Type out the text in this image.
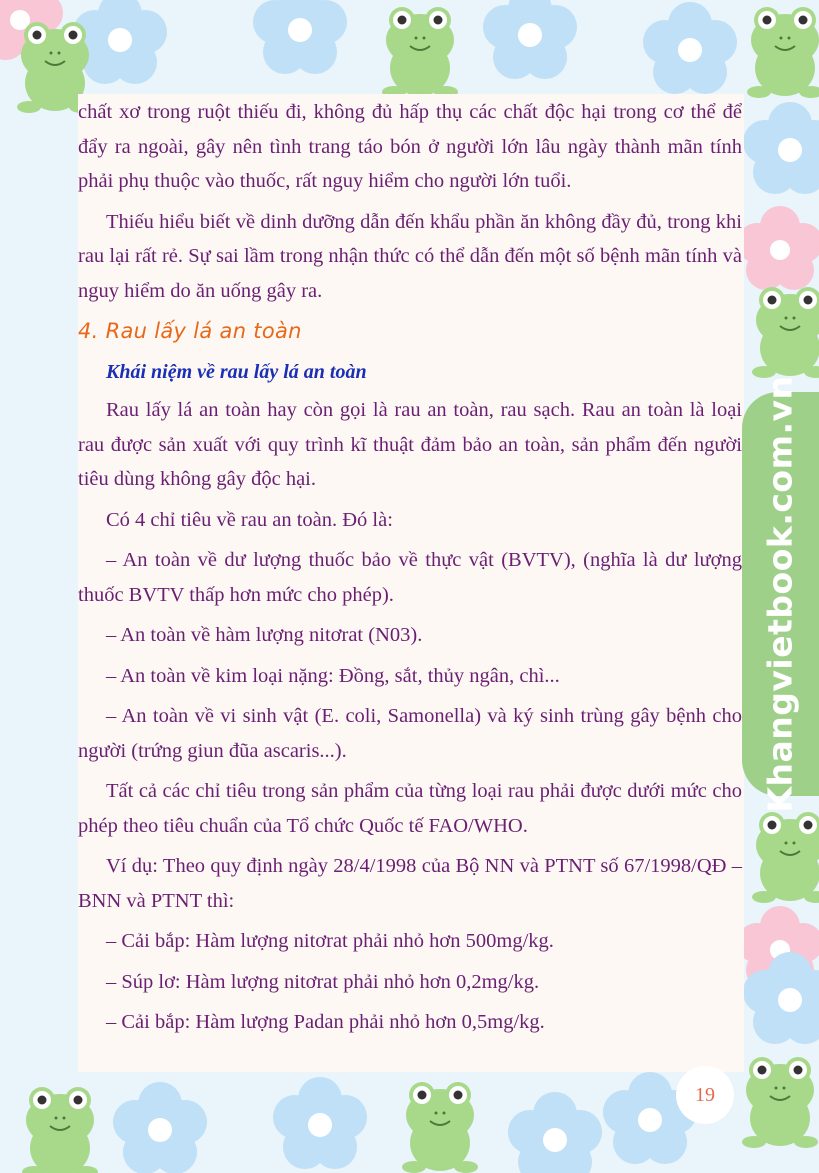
Khangvietbook.com.vn

chất xơ trong ruột thiếu đi, không đủ hấp thụ các chất độc hại trong cơ thể để đẩy ra ngoài, gây nên tình trang táo bón ở người lớn lâu ngày thành mãn tính phải phụ thuộc vào thuốc, rất nguy hiểm cho người lớn tuổi.

Thiếu hiểu biết về dinh dưỡng dẫn đến khẩu phần ăn không đầy đủ, trong khi rau lại rất rẻ. Sự sai lầm trong nhận thức có thể dẫn đến một số bệnh mãn tính và nguy hiểm do ăn uống gây ra.

4. Rau lấy lá an toàn
Khái niệm về rau lấy lá an toàn

Rau lấy lá an toàn hay còn gọi là rau an toàn, rau sạch. Rau an toàn là loại rau được sản xuất với quy trình kĩ thuật đảm bảo an toàn, sản phẩm đến người tiêu dùng không gây độc hại.

Có 4 chỉ tiêu về rau an toàn. Đó là:

– An toàn về dư lượng thuốc bảo về thực vật (BVTV), (nghĩa là dư lượng thuốc BVTV thấp hơn mức cho phép).

– An toàn về hàm lượng nitơrat (N03).

– An toàn về kim loại nặng: Đồng, sắt, thủy ngân, chì...

– An toàn về vi sinh vật (E. coli, Samonella) và ký sinh trùng gây bệnh cho người (trứng giun đũa ascaris...).

Tất cả các chỉ tiêu trong sản phẩm của từng loại rau phải được dưới mức cho phép theo tiêu chuẩn của Tổ chức Quốc tế FAO/WHO.

Ví dụ: Theo quy định ngày 28/4/1998 của Bộ NN và PTNT số 67/1998/QĐ – BNN và PTNT thì:

– Cải bắp: Hàm lượng nitơrat phải nhỏ hơn 500mg/kg.

– Súp lơ: Hàm lượng nitơrat phải nhỏ hơn 0,2mg/kg.

– Cải bắp: Hàm lượng Padan phải nhỏ hơn 0,5mg/kg.

19
